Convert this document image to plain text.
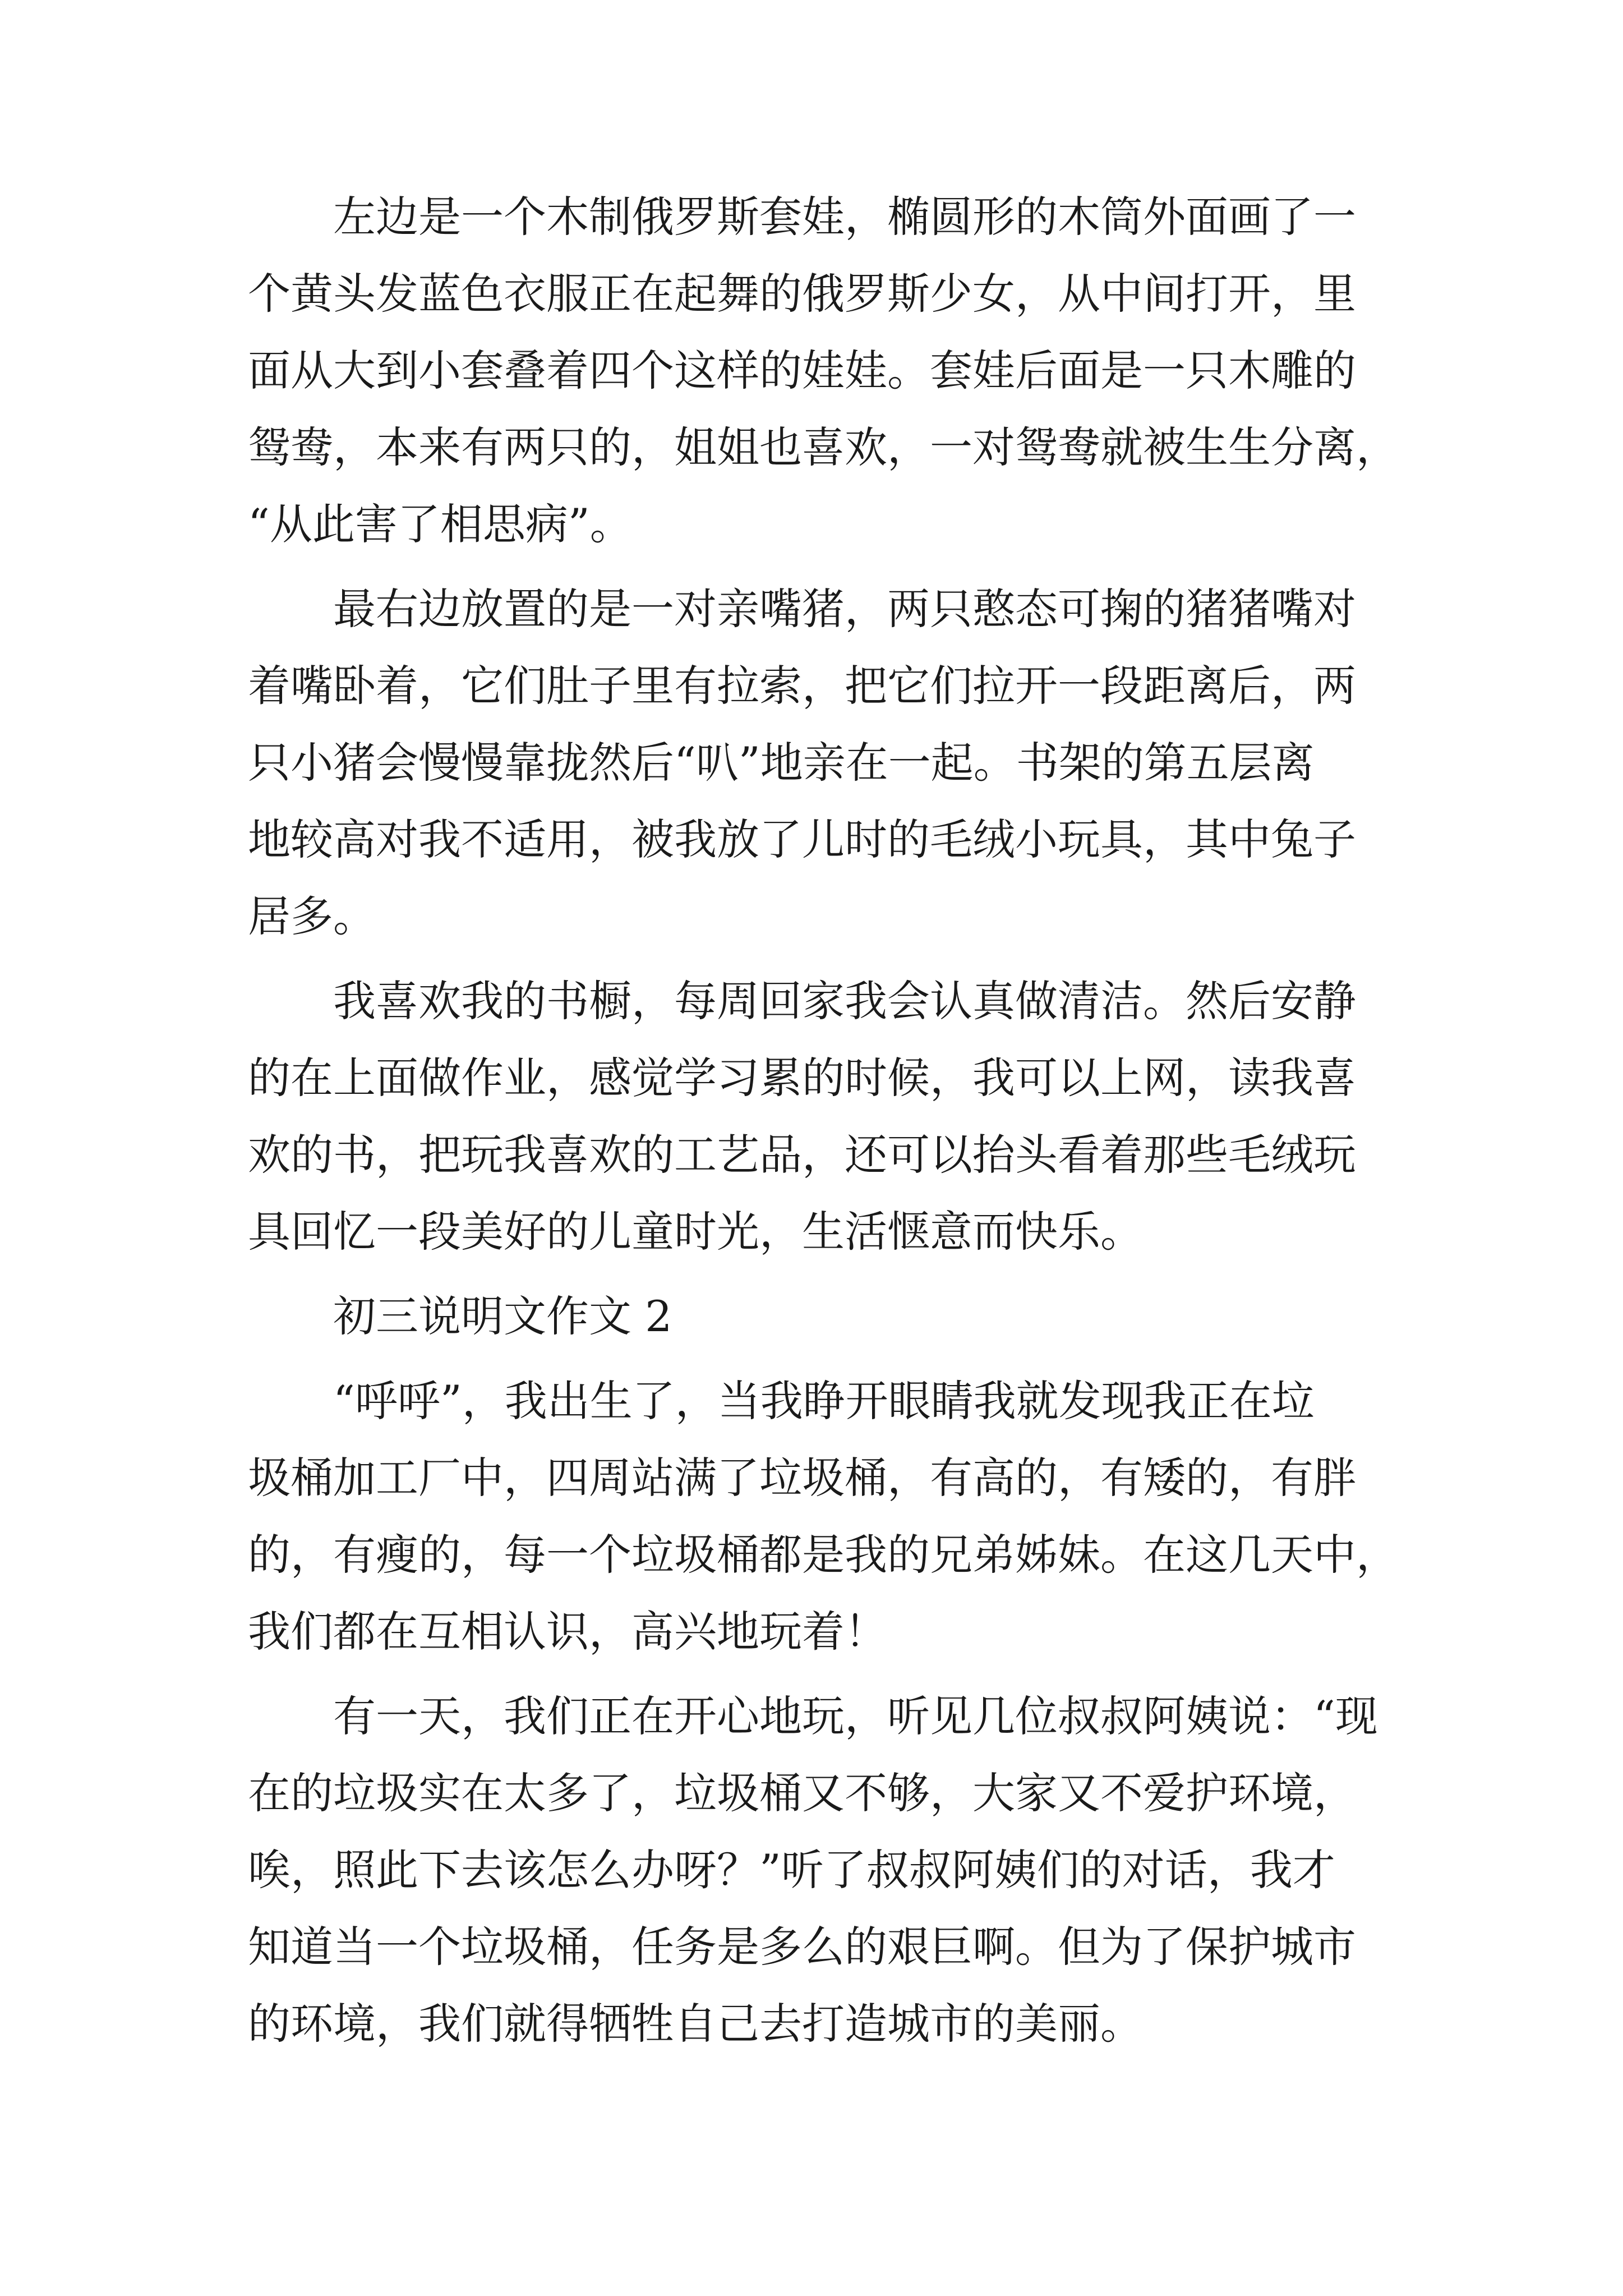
左边是一个木制俄罗斯套娃，椭圆形的木筒外面画了一
个黄头发蓝色衣服正在起舞的俄罗斯少女，从中间打开，里
面从大到小套叠着四个这样的娃娃。套娃后面是一只木雕的
鸳鸯，本来有两只的，姐姐也喜欢，一对鸳鸯就被生生分离，
“从此害了相思病”。
最右边放置的是一对亲嘴猪，两只憨态可掬的猪猪嘴对
着嘴卧着，它们肚子里有拉索，把它们拉开一段距离后，两
只小猪会慢慢靠拢然后“叭”地亲在一起。书架的第五层离
地较高对我不适用，被我放了儿时的毛绒小玩具，其中兔子
居多。
我喜欢我的书橱，每周回家我会认真做清洁。然后安静
的在上面做作业，感觉学习累的时候，我可以上网，读我喜
欢的书，把玩我喜欢的工艺品，还可以抬头看着那些毛绒玩
具回忆一段美好的儿童时光，生活惬意而快乐。
初三说明文作文 2
“呼呼”，我出生了，当我睁开眼睛我就发现我正在垃
圾桶加工厂中，四周站满了垃圾桶，有高的，有矮的，有胖
的，有瘦的，每一个垃圾桶都是我的兄弟姊妹。在这几天中，
我们都在互相认识，高兴地玩着！
有一天，我们正在开心地玩，听见几位叔叔阿姨说：“现
在的垃圾实在太多了，垃圾桶又不够，大家又不爱护环境，
唉，照此下去该怎么办呀？”听了叔叔阿姨们的对话，我才
知道当一个垃圾桶，任务是多么的艰巨啊。但为了保护城市
的环境，我们就得牺牲自己去打造城市的美丽。
